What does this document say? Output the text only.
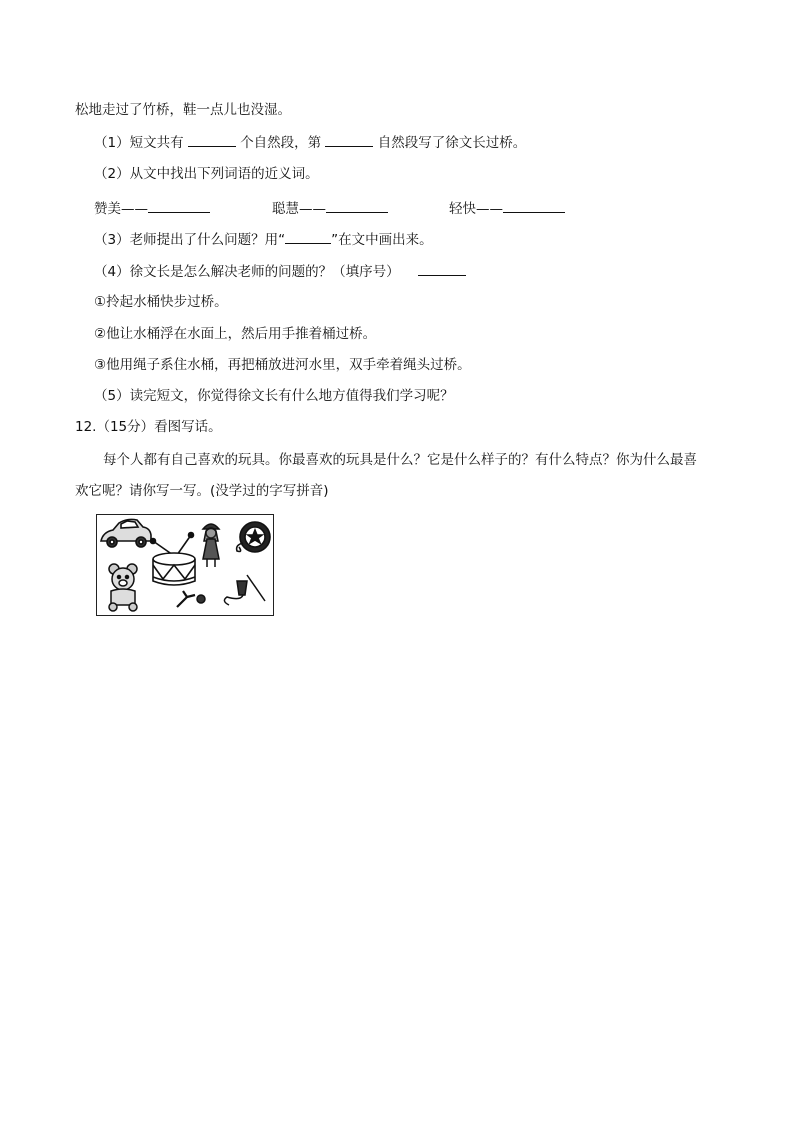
松地走过了竹桥，鞋一点儿也没湿。
（1）短文共有	个自然段，第	自然段写了徐文长过桥。
（2）从文中找出下列词语的近义词。
赞美——	聪慧——	轻快——
（3）老师提出了什么问题？用“	”在文中画出来。
（4）徐文长是怎么解决老师的问题的？（填序号）
①拎起水桶快步过桥。
②他让水桶浮在水面上，然后用手推着桶过桥。
③他用绳子系住水桶，再把桶放进河水里，双手牵着绳头过桥。
（5）读完短文，你觉得徐文长有什么地方值得我们学习呢？
12.（15分）看图写话。
每个人都有自己喜欢的玩具。你最喜欢的玩具是什么？它是什么样子的？有什么特点？你为什么最喜
欢它呢？请你写一写。(没学过的字写拼音)
